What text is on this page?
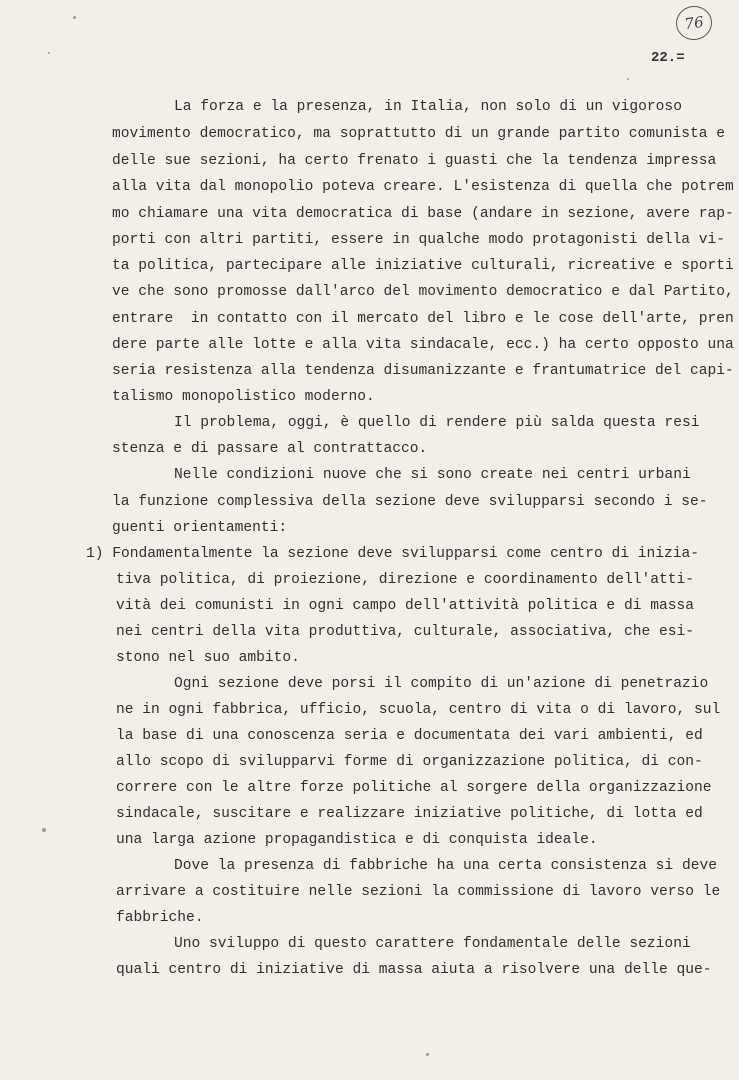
76
22.=
La forza e la presenza, in Italia, non solo di un vigoroso
movimento democratico, ma soprattutto di un grande partito comunista e
delle sue sezioni, ha certo frenato i guasti che la tendenza impressa
alla vita dal monopolio poteva creare. L'esistenza di quella che potrem
mo chiamare una vita democratica di base (andare in sezione, avere rap-
porti con altri partiti, essere in qualche modo protagonisti della vi-
ta politica, partecipare alle iniziative culturali, ricreative e sporti
ve che sono promosse dall'arco del movimento democratico e dal Partito,
entrare  in contatto con il mercato del libro e le cose dell'arte, pren
dere parte alle lotte e alla vita sindacale, ecc.) ha certo opposto una
seria resistenza alla tendenza disumanizzante e frantumatrice del capi-
talismo monopolistico moderno.
Il problema, oggi, è quello di rendere più salda questa resi
stenza e di passare al contrattacco.
Nelle condizioni nuove che si sono create nei centri urbani
la funzione complessiva della sezione deve svilupparsi secondo i se-
guenti orientamenti:
1) Fondamentalmente la sezione deve svilupparsi come centro di inizia-
tiva politica, di proiezione, direzione e coordinamento dell'atti-
vità dei comunisti in ogni campo dell'attività politica e di massa
nei centri della vita produttiva, culturale, associativa, che esi-
stono nel suo ambito.
Ogni sezione deve porsi il compito di un'azione di penetrazio
ne in ogni fabbrica, ufficio, scuola, centro di vita o di lavoro, sul
la base di una conoscenza seria e documentata dei vari ambienti, ed
allo scopo di svilupparvi forme di organizzazione politica, di con-
correre con le altre forze politiche al sorgere della organizzazione
sindacale, suscitare e realizzare iniziative politiche, di lotta ed
una larga azione propagandistica e di conquista ideale.
Dove la presenza di fabbriche ha una certa consistenza si deve
arrivare a costituire nelle sezioni la commissione di lavoro verso le
fabbriche.
Uno sviluppo di questo carattere fondamentale delle sezioni
quali centro di iniziative di massa aiuta a risolvere una delle que-
